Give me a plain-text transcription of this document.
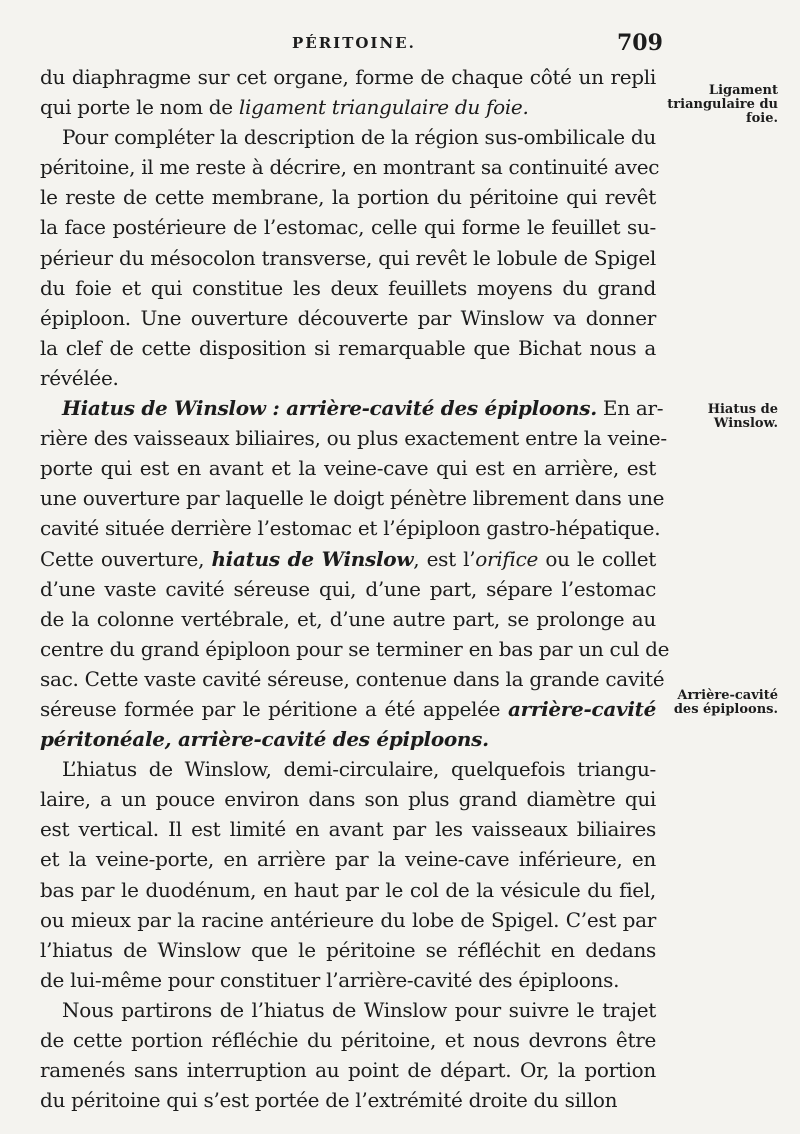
PÉRITOINE.	709
du diaphragme sur cet organe, forme de chaque côté un repli
qui porte le nom de ligament triangulaire du foie.
Pour compléter la description de la région sus-ombilicale du
péritoine, il me reste à décrire, en montrant sa continuité avec
le reste de cette membrane, la portion du péritoine qui revêt
la face postérieure de l’estomac, celle qui forme le feuillet su-
périeur du mésocolon transverse, qui revêt le lobule de Spigel
du foie et qui constitue les deux feuillets moyens du grand
épiploon. Une ouverture découverte par Winslow va donner
la clef de cette disposition si remarquable que Bichat nous a
révélée.
Hiatus de Winslow : arrière-cavité des épiploons. En ar-
rière des vaisseaux biliaires, ou plus exactement entre la veine-
porte qui est en avant et la veine-cave qui est en arrière, est
une ouverture par laquelle le doigt pénètre librement dans une
cavité située derrière l’estomac et l’épiploon gastro-hépatique.
Cette ouverture, hiatus de Winslow, est l’orifice ou le collet
d’une vaste cavité séreuse qui, d’une part, sépare l’estomac
de la colonne vertébrale, et, d’une autre part, se prolonge au
centre du grand épiploon pour se terminer en bas par un cul de
sac. Cette vaste cavité séreuse, contenue dans la grande cavité
séreuse formée par le péritione a été appelée arrière-cavité
péritonéale, arrière-cavité des épiploons.
L’hiatus de Winslow, demi-circulaire, quelquefois triangu-
laire, a un pouce environ dans son plus grand diamètre qui
est vertical. Il est limité en avant par les vaisseaux biliaires
et la veine-porte, en arrière par la veine-cave inférieure, en
bas par le duodénum, en haut par le col de la vésicule du fiel,
ou mieux par la racine antérieure du lobe de Spigel. C’est par
l’hiatus de Winslow que le péritoine se réfléchit en dedans
de lui-même pour constituer l’arrière-cavité des épiploons.
Nous partirons de l’hiatus de Winslow pour suivre le trajet
de cette portion réfléchie du péritoine, et nous devrons être
ramenés sans interruption au point de départ. Or, la portion
du péritoine qui s’est portée de l’extrémité droite du sillon
Ligament
triangulaire du
foie.
Hiatus de
Winslow.
Arrière-cavité
des épiploons.
